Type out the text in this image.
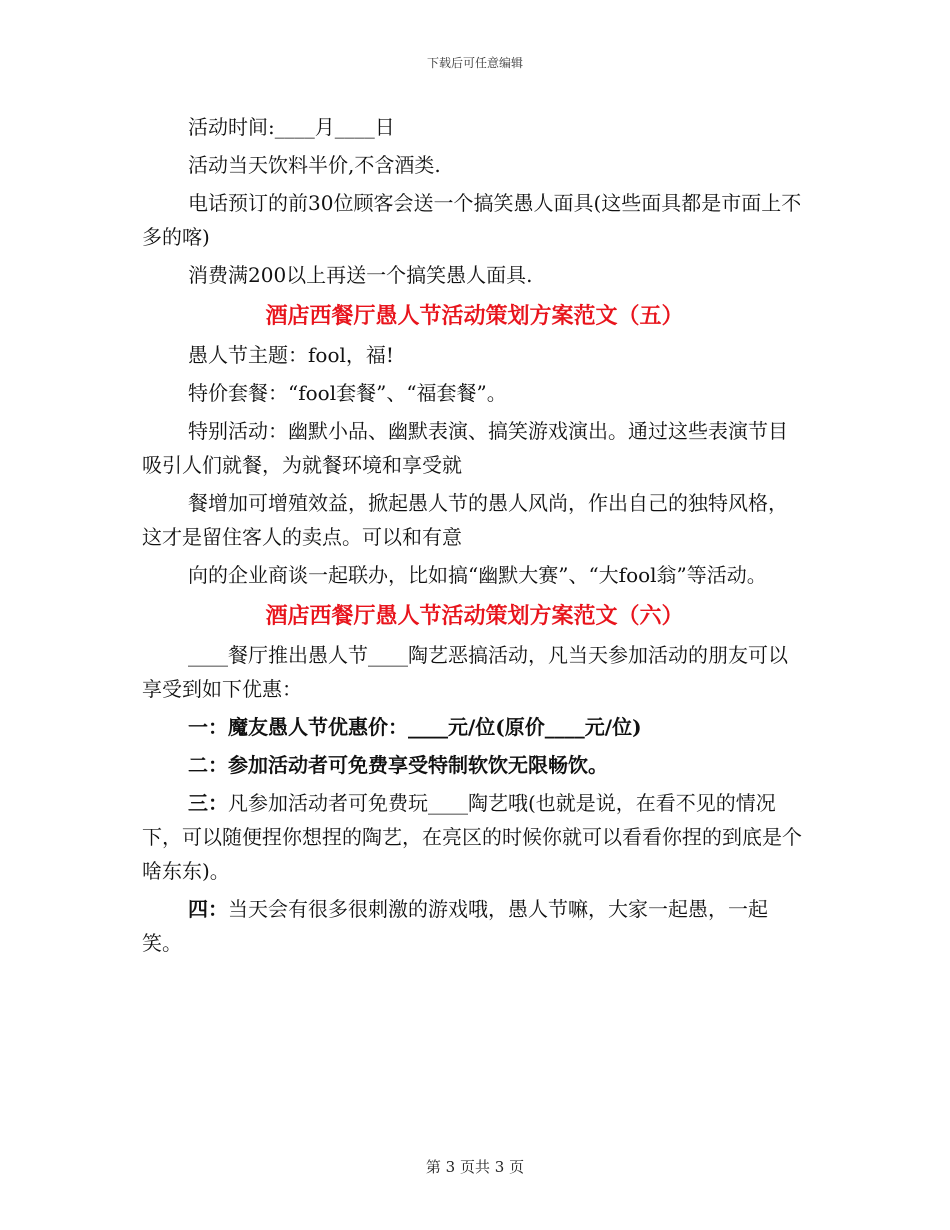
下载后可任意编辑

活动时间:____月____日

活动当天饮料半价,不含酒类.

电话预订的前30位顾客会送一个搞笑愚人面具(这些面具都是市面上不多的喀)

消费满200以上再送一个搞笑愚人面具.

酒店西餐厅愚人节活动策划方案范文（五）

愚人节主题：fool，福!

特价套餐：“fool套餐”、“福套餐”。

特别活动：幽默小品、幽默表演、搞笑游戏演出。通过这些表演节目吸引人们就餐，为就餐环境和享受就

餐增加可增殖效益，掀起愚人节的愚人风尚，作出自己的独特风格，这才是留住客人的卖点。可以和有意

向的企业商谈一起联办，比如搞“幽默大赛”、“大fool翁”等活动。

酒店西餐厅愚人节活动策划方案范文（六）

____餐厅推出愚人节____陶艺恶搞活动，凡当天参加活动的朋友可以享受到如下优惠：

一：魔友愚人节优惠价：____元/位(原价____元/位)

二：参加活动者可免费享受特制软饮无限畅饮。

三：凡参加活动者可免费玩____陶艺哦(也就是说，在看不见的情况下，可以随便捏你想捏的陶艺，在亮区的时候你就可以看看你捏的到底是个啥东东)。

四：当天会有很多很刺激的游戏哦，愚人节嘛，大家一起愚，一起笑。

第 3 页共 3 页
